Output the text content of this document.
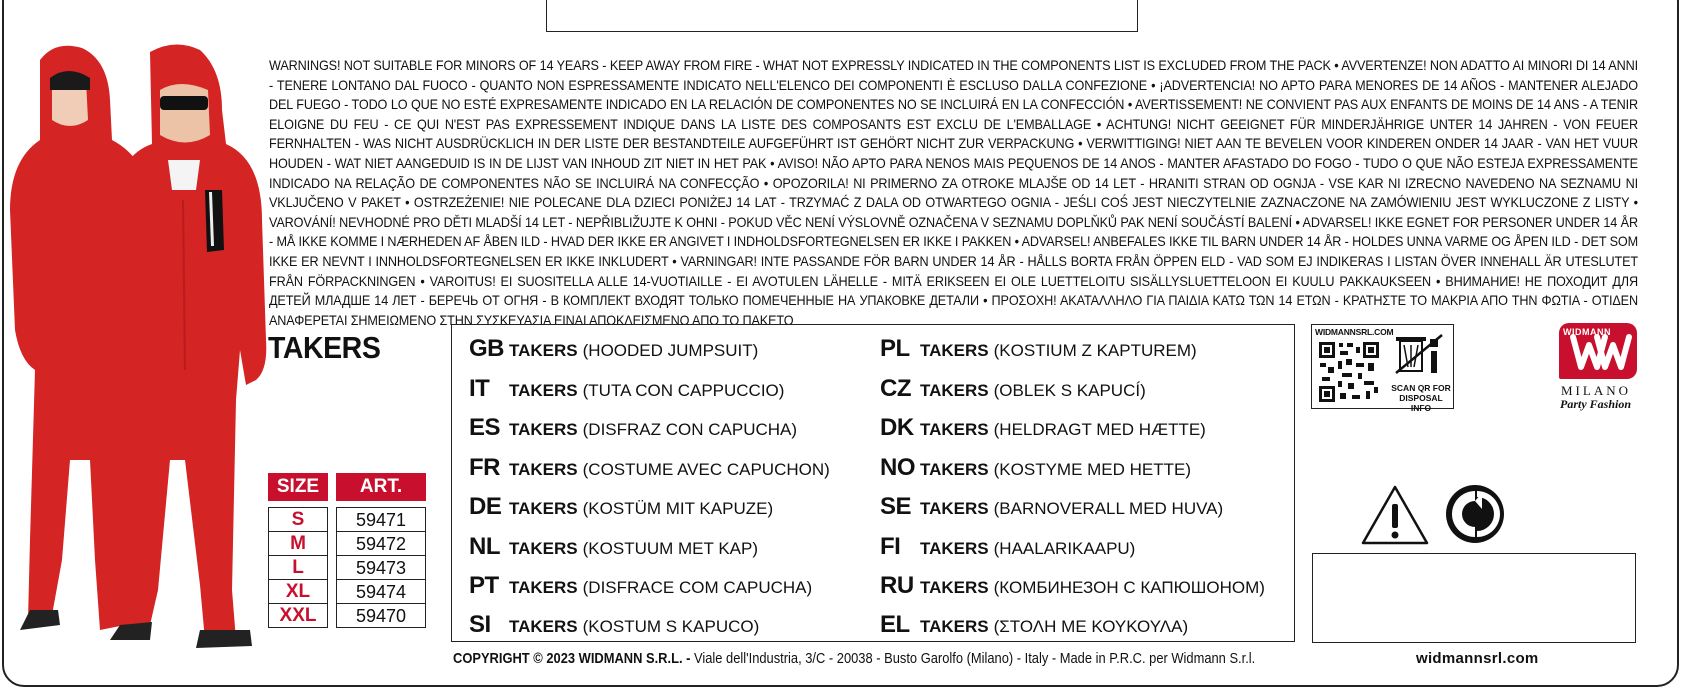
WARNINGS! NOT SUITABLE FOR MINORS OF 14 YEARS - KEEP AWAY FROM FIRE - WHAT NOT EXPRESSLY INDICATED IN THE COMPONENTS LIST IS EXCLUDED FROM THE PACK • AVVERTENZE! NON ADATTO AI MINORI DI 14 ANNI - TENERE LONTANO DAL FUOCO - QUANTO NON ESPRESSAMENTE INDICATO NELL'ELENCO DEI COMPONENTI È ESCLUSO DALLA CONFEZIONE • ¡ADVERTENCIA! NO APTO PARA MENORES DE 14 AÑOS - MANTENER ALEJADO DEL FUEGO - TODO LO QUE NO ESTÉ EXPRESAMENTE INDICADO EN LA RELACIÓN DE COMPONENTES NO SE INCLUIRÁ EN LA CONFECCIÓN • AVERTISSEMENT! NE CONVIENT PAS AUX ENFANTS DE MOINS DE 14 ANS - A TENIR ELOIGNE DU FEU - CE QUI N'EST PAS EXPRESSEMENT INDIQUE DANS LA LISTE DES COMPOSANTS EST EXCLU DE L'EMBALLAGE • ACHTUNG! NICHT GEEIGNET FÜR MINDERJÄHRIGE UNTER 14 JAHREN - VON FEUER FERNHALTEN - WAS NICHT AUSDRÜCKLICH IN DER LISTE DER BESTANDTEILE AUFGEFÜHRT IST GEHÖRT NICHT ZUR VERPACKUNG • VERWITTIGING! NIET AAN TE BEVELEN VOOR KINDEREN ONDER 14 JAAR - VAN HET VUUR HOUDEN - WAT NIET AANGEDUID IS IN DE LIJST VAN INHOUD ZIT NIET IN HET PAK • AVISO! NÃO APTO PARA NENOS MAIS PEQUENOS DE 14 ANOS - MANTER AFASTADO DO FOGO - TUDO O QUE NÃO ESTEJA EXPRESSAMENTE INDICADO NA RELAÇÃO DE COMPONENTES NÃO SE INCLUIRÁ NA CONFECÇÃO • OPOZORILA! NI PRIMERNO ZA OTROKE MLAJŠE OD 14 LET - HRANITI STRAN OD OGNJA - VSE KAR NI IZRECNO NAVEDENO NA SEZNAMU NI VKLJUČENO V PAKET • OSTRZEŻENIE! NIE POLECANE DLA DZIECI PONIŻEJ 14 LAT - TRZYMAĆ Z DALA OD OTWARTEGO OGNIA - JEŚLI COŚ JEST NIECZYTELNIE ZAZNACZONE NA ZAMÓWIENIU JEST WYKLUCZONE Z LISTY • VAROVÁNÍ! NEVHODNÉ PRO DĚTI MLADŠÍ 14 LET - NEPŘIBLIŽUJTE K OHNI - POKUD VĚC NENÍ VÝSLOVNĚ OZNAČENA V SEZNAMU DOPLŇKŮ PAK NENÍ SOUČÁSTÍ BALENÍ • ADVARSEL! IKKE EGNET FOR PERSONER UNDER 14 ÅR - MÅ IKKE KOMME I NÆRHEDEN AF ÅBEN ILD - HVAD DER IKKE ER ANGIVET I INDHOLDSFORTEGNELSEN ER IKKE I PAKKEN • ADVARSEL! ANBEFALES IKKE TIL BARN UNDER 14 ÅR - HOLDES UNNA VARME OG ÅPEN ILD - DET SOM IKKE ER NEVNT I INNHOLDSFORTEGNELSEN ER IKKE INKLUDERT • VARNINGAR! INTE PASSANDE FÖR BARN UNDER 14 ÅR - HÅLLS BORTA FRÅN ÖPPEN ELD - VAD SOM EJ INDIKERAS I LISTAN ÖVER INNEHALL ÄR UTESLUTET FRÅN FÖRPACKNINGEN • VAROITUS! EI SUOSITELLA ALLE 14-VUOTIAILLE - EI AVOTULEN LÄHELLE - MITÄ ERIKSEEN EI OLE LUETTELOITU SISÄLLYSLUETTELOON EI KUULU PAKKAUKSEEN • ВНИМАНИЕ! НЕ ПОХОДИТ ДЛЯ ДЕТЕЙ МЛАДШЕ 14 ЛЕТ - БЕРЕЧЬ ОТ ОГНЯ - В КОМПЛЕКТ ВХОДЯТ ТОЛЬКО ПОМЕЧЕННЫЕ НА УПАКОВКЕ ДЕТАЛИ • ΠΡΟΣΟΧΗ! ΑΚΑΤΑΛΛΗΛΟ ΓΙΑ ΠΑΙΔΙΑ ΚΑΤΩ ΤΩΝ 14 ΕΤΩΝ - ΚΡΑΤΗΣΤΕ ΤΟ ΜΑΚΡΙΑ ΑΠΟ ΤΗΝ ΦΩΤΙΑ - ΟΤΙΔΕΝ ΑΝΑΦΕΡΕΤΑΙ ΣΗΜΕΙΩΜΕΝΟ ΣΤΗΝ ΣΥΣΚΕΥΑΣΙΑ ΕΙΝΑΙ ΑΠΟΚΛΕΙΣΜΕΝΟ ΑΠΟ ΤΟ ΠΑΚΕΤΟ
TAKERS
SIZE	ART.
S	59471
M	59472
L	59473
XL	59474
XXL	59470
GB TAKERS (HOODED JUMPSUIT)
IT	TAKERS (TUTA CON CAPPUCCIO)
ES TAKERS (DISFRAZ CON CAPUCHA)
FR TAKERS (COSTUME AVEC CAPUCHON)
DE TAKERS (KOSTÜM MIT KAPUZE)
NL TAKERS (KOSTUUM MET KAP)
PT TAKERS (DISFRACE COM CAPUCHA)
SI	TAKERS (KOSTUM S KAPUCO)
PL TAKERS (KOSTIUM Z KAPTUREM)
CZ TAKERS (OBLEK S KAPUCÍ)
DK TAKERS (HELDRAGT MED HÆTTE)
NO TAKERS (KOSTYME MED HETTE)
SE TAKERS (BARNOVERALL MED HUVA)
FI	TAKERS (HAALARIKAAPU)
RU TAKERS (КОМБИНЕЗОН С КАПЮШОНОМ)
EL TAKERS (ΣΤΟΛΗ ΜΕ ΚΟΥΚΟΥΛΑ)
WIDMANNSRL.COM
SCAN QR FOR
DISPOSAL INFO
WIDMANN
MILANO
Party Fashion
COPYRIGHT © 2023 WIDMANN S.R.L. - Viale dell'Industria, 3/C - 20038 - Busto Garolfo (Milano) - Italy - Made in P.R.C. per Widmann S.r.l.	widmannsrl.com
